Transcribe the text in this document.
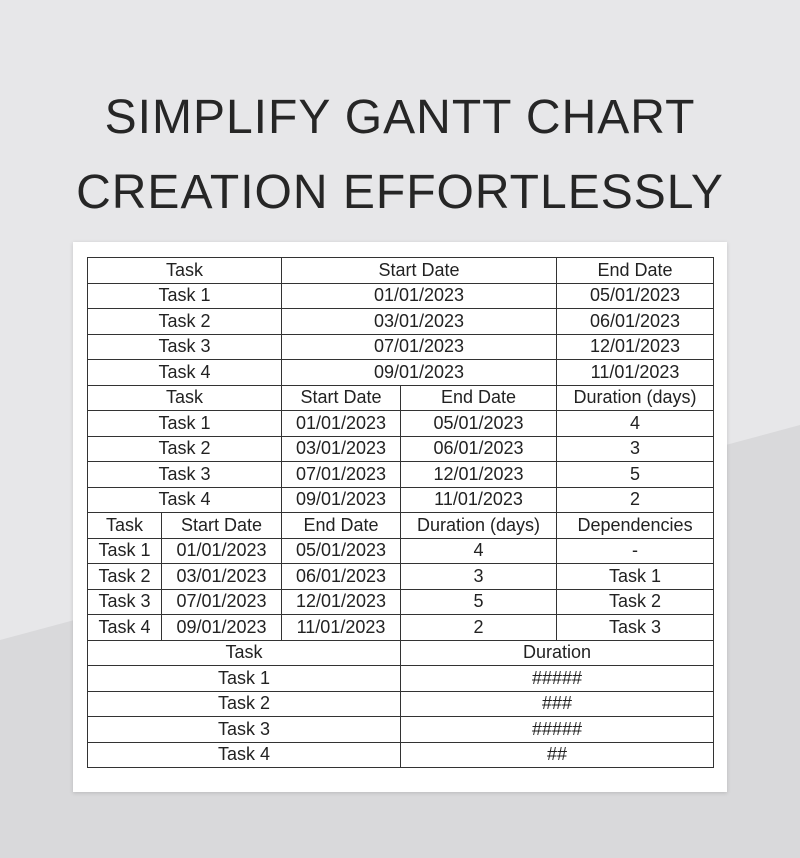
SIMPLIFY GANTT CHART
CREATION EFFORTLESSLY
Task		Start Date		End Date
Task 1		01/01/2023		05/01/2023
Task 2		03/01/2023		06/01/2023
Task 3		07/01/2023		12/01/2023
Task 4		09/01/2023		11/01/2023
Task		Start Date	End Date	Duration (days)
Task 1		01/01/2023	05/01/2023	4
Task 2		03/01/2023	06/01/2023	3
Task 3		07/01/2023	12/01/2023	5
Task 4		09/01/2023	11/01/2023	2
Task	Start Date	End Date	Duration (days)	Dependencies
Task 1	01/01/2023	05/01/2023	4	-
Task 2	03/01/2023	06/01/2023	3	Task 1
Task 3	07/01/2023	12/01/2023	5	Task 2
Task 4	09/01/2023	11/01/2023	2	Task 3
Task			Duration	
Task 1			#####	
Task 2			###	
Task 3			#####	
Task 4			##	
